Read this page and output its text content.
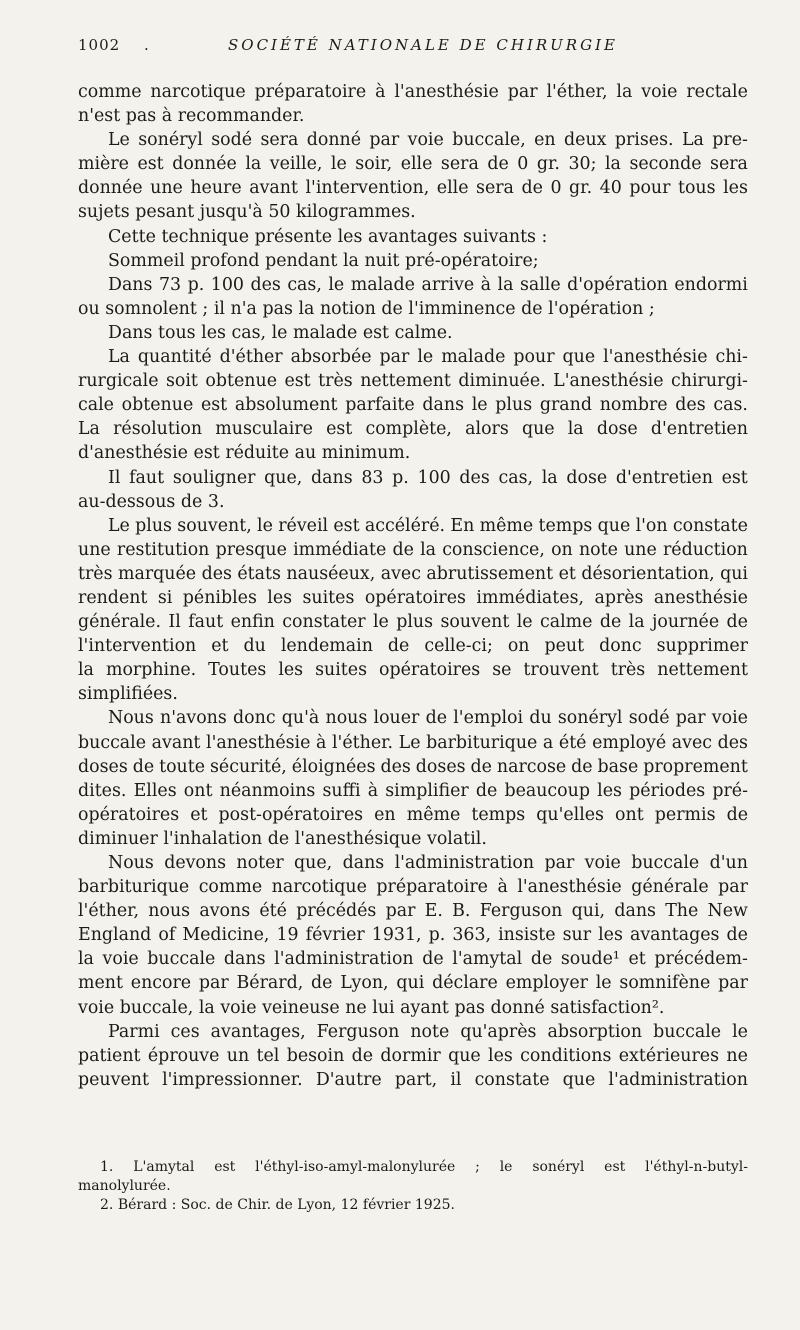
1002 .	SOCIÉTÉ NATIONALE DE CHIRURGIE
comme narcotique préparatoire à l'anesthésie par l'éther, la voie rectale
n'est pas à recommander.
Le sonéryl sodé sera donné par voie buccale, en deux prises. La pre-
mière est donnée la veille, le soir, elle sera de 0 gr. 30; la seconde sera
donnée une heure avant l'intervention, elle sera de 0 gr. 40 pour tous les
sujets pesant jusqu'à 50 kilogrammes.
Cette technique présente les avantages suivants :
Sommeil profond pendant la nuit pré-opératoire;
Dans 73 p. 100 des cas, le malade arrive à la salle d'opération endormi
ou somnolent ; il n'a pas la notion de l'imminence de l'opération ;
Dans tous les cas, le malade est calme.
La quantité d'éther absorbée par le malade pour que l'anesthésie chi-
rurgicale soit obtenue est très nettement diminuée. L'anesthésie chirurgi-
cale obtenue est absolument parfaite dans le plus grand nombre des cas.
La résolution musculaire est complète, alors que la dose d'entretien
d'anesthésie est réduite au minimum.
Il faut souligner que, dans 83 p. 100 des cas, la dose d'entretien est
au-dessous de 3.
Le plus souvent, le réveil est accéléré. En même temps que l'on constate
une restitution presque immédiate de la conscience, on note une réduction
très marquée des états nauséeux, avec abrutissement et désorientation, qui
rendent si pénibles les suites opératoires immédiates, après anesthésie
générale. Il faut enfin constater le plus souvent le calme de la journée de
l'intervention et du lendemain de celle-ci; on peut donc supprimer
la morphine. Toutes les suites opératoires se trouvent très nettement
simplifiées.
Nous n'avons donc qu'à nous louer de l'emploi du sonéryl sodé par voie
buccale avant l'anesthésie à l'éther. Le barbiturique a été employé avec des
doses de toute sécurité, éloignées des doses de narcose de base proprement
dites. Elles ont néanmoins suffi à simplifier de beaucoup les périodes pré-
opératoires et post-opératoires en même temps qu'elles ont permis de
diminuer l'inhalation de l'anesthésique volatil.
Nous devons noter que, dans l'administration par voie buccale d'un
barbiturique comme narcotique préparatoire à l'anesthésie générale par
l'éther, nous avons été précédés par E. B. Ferguson qui, dans The New
England of Medicine, 19 février 1931, p. 363, insiste sur les avantages de
la voie buccale dans l'administration de l'amytal de soude¹ et précédem-
ment encore par Bérard, de Lyon, qui déclare employer le somnifène par
voie buccale, la voie veineuse ne lui ayant pas donné satisfaction².
Parmi ces avantages, Ferguson note qu'après absorption buccale le
patient éprouve un tel besoin de dormir que les conditions extérieures ne
peuvent l'impressionner. D'autre part, il constate que l'administration
1. L'amytal est l'éthyl-iso-amyl-malonylurée ; le sonéryl est l'éthyl-n-butyl-
manolylurée.
2. Bérard : Soc. de Chir. de Lyon, 12 février 1925.
